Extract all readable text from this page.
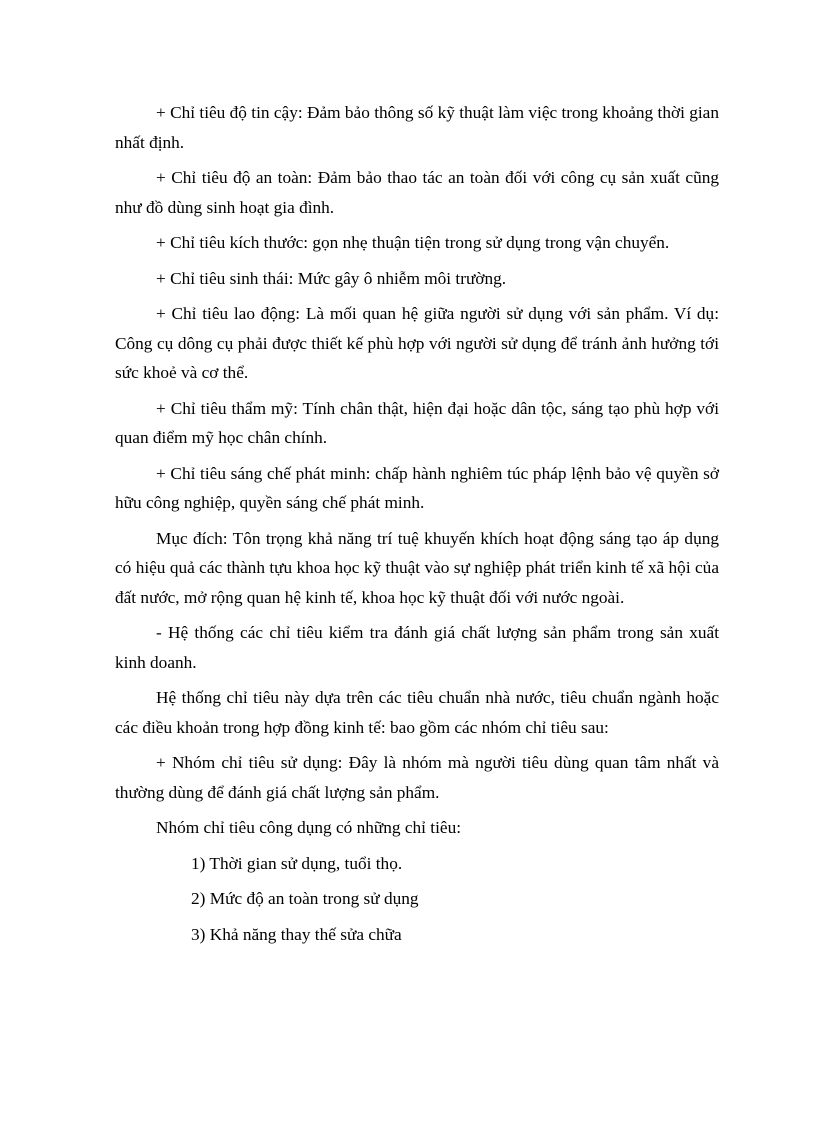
+ Chỉ tiêu độ tin cậy: Đảm bảo thông số kỹ thuật làm việc trong khoảng thời gian nhất định.

+ Chỉ tiêu độ an toàn: Đảm bảo thao tác an toàn đối với công cụ sản xuất cũng như đồ dùng sinh hoạt gia đình.

+ Chỉ tiêu kích thước: gọn nhẹ thuận tiện trong sử dụng trong vận chuyển.

+ Chỉ tiêu sinh thái: Mức gây ô nhiễm môi trường.

+ Chỉ tiêu lao động: Là mối quan hệ giữa người sử dụng với sản phẩm. Ví dụ: Công cụ dông cụ phải được thiết kế phù hợp với người sử dụng để tránh ảnh hưởng tới sức khoẻ và cơ thể.

+ Chỉ tiêu thẩm mỹ: Tính chân thật, hiện đại hoặc dân tộc, sáng tạo phù hợp với quan điểm mỹ học chân chính.

+ Chỉ tiêu sáng chế phát minh: chấp hành nghiêm túc pháp lệnh bảo vệ quyền sở hữu công nghiệp, quyền sáng chế phát minh.

Mục đích: Tôn trọng khả năng trí tuệ khuyến khích hoạt động sáng tạo áp dụng có hiệu quả các thành tựu khoa học kỹ thuật vào sự nghiệp phát triển kinh tế xã hội của đất nước, mở rộng quan hệ kinh tế, khoa học kỹ thuật đối với nước ngoài.

- Hệ thống các chỉ tiêu kiểm tra đánh giá chất lượng sản phẩm trong sản xuất kinh doanh.

Hệ thống chỉ tiêu này dựa trên các tiêu chuẩn nhà nước, tiêu chuẩn ngành hoặc các điều khoản trong hợp đồng kinh tế: bao gồm các nhóm chỉ tiêu sau:

+ Nhóm chỉ tiêu sử dụng: Đây là nhóm mà người tiêu dùng quan tâm nhất và thường dùng để đánh giá chất lượng sản phẩm.

Nhóm chỉ tiêu công dụng có những chỉ tiêu:

1) Thời gian sử dụng, tuổi thọ.
2) Mức độ an toàn trong sử dụng
3) Khả năng thay thế sửa chữa
